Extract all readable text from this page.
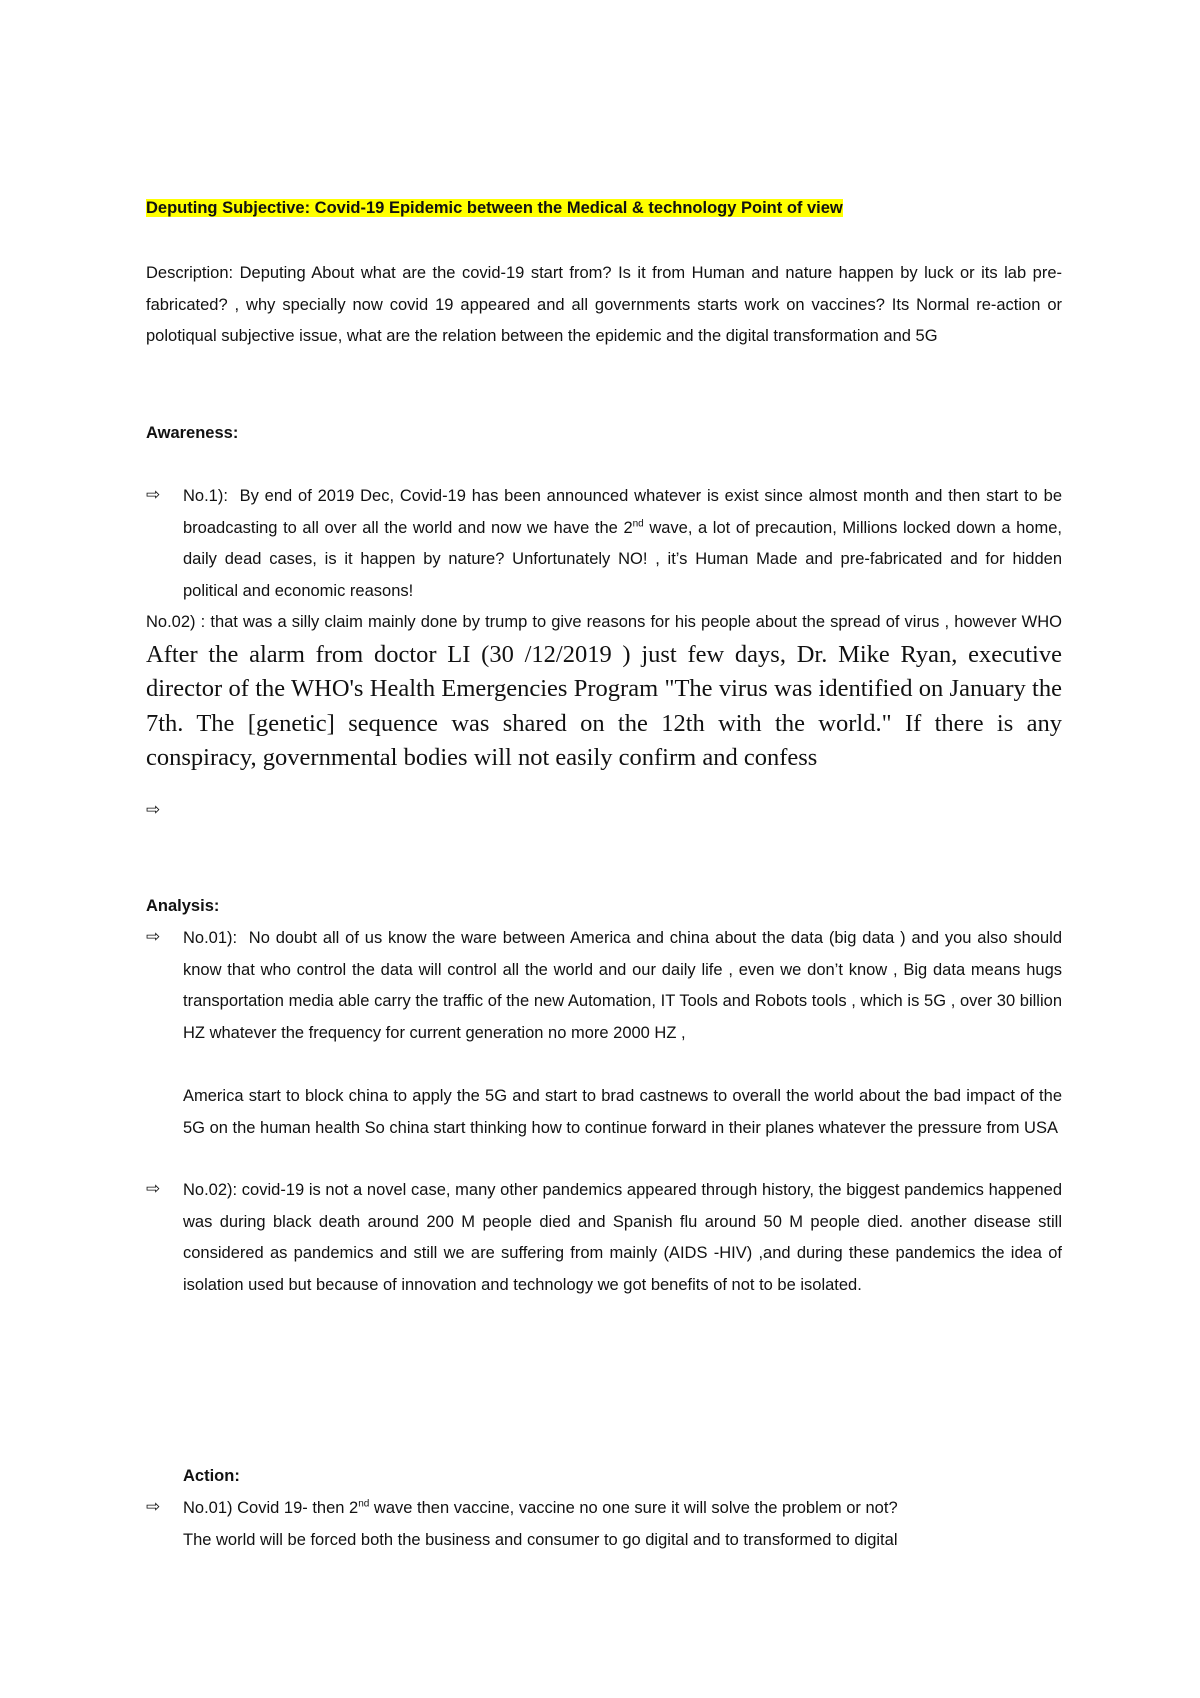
Deputing Subjective: Covid-19 Epidemic between the Medical & technology Point of view
Description: Deputing About what are the covid-19 start from? Is it from Human and nature happen by luck or its lab pre-fabricated? , why specially now covid 19 appeared and all governments starts work on vaccines? Its Normal re-action or polotiqual subjective issue, what are the relation between the epidemic and the digital transformation and 5G
Awareness:
⇨ No.1): By end of 2019 Dec, Covid-19 has been announced whatever is exist since almost month and then start to be broadcasting to all over all the world and now we have the 2nd wave, a lot of precaution, Millions locked down a home, daily dead cases, is it happen by nature? Unfortunately NO! , it’s Human Made and pre-fabricated and for hidden political and economic reasons!
No.02) : that was a silly claim mainly done by trump to give reasons for his people about the spread of virus , however WHO After the alarm from doctor LI (30 /12/2019 ) just few days, Dr. Mike Ryan, executive director of the WHO's Health Emergencies Program "The virus was identified on January the 7th. The [genetic] sequence was shared on the 12th with the world." If there is any conspiracy, governmental bodies will not easily confirm and confess
⇨
Analysis:
⇨ No.01): No doubt all of us know the ware between America and china about the data (big data ) and you also should know that who control the data will control all the world and our daily life , even we don’t know , Big data means hugs transportation media able carry the traffic of the new Automation, IT Tools and Robots tools , which is 5G , over 30 billion HZ whatever the frequency for current generation no more 2000 HZ ,
America start to block china to apply the 5G and start to brad castnews to overall the world about the bad impact of the 5G on the human health So china start thinking how to continue forward in their planes whatever the pressure from USA
⇨ No.02): covid-19 is not a novel case, many other pandemics appeared through history, the biggest pandemics happened was during black death around 200 M people died and Spanish flu around 50 M people died. another disease still considered as pandemics and still we are suffering from mainly (AIDS -HIV) ,and during these pandemics the idea of isolation used but because of innovation and technology we got benefits of not to be isolated.
Action:
⇨ No.01) Covid 19- then 2nd wave then vaccine, vaccine no one sure it will solve the problem or not?
The world will be forced both the business and consumer to go digital and to transformed to digital
